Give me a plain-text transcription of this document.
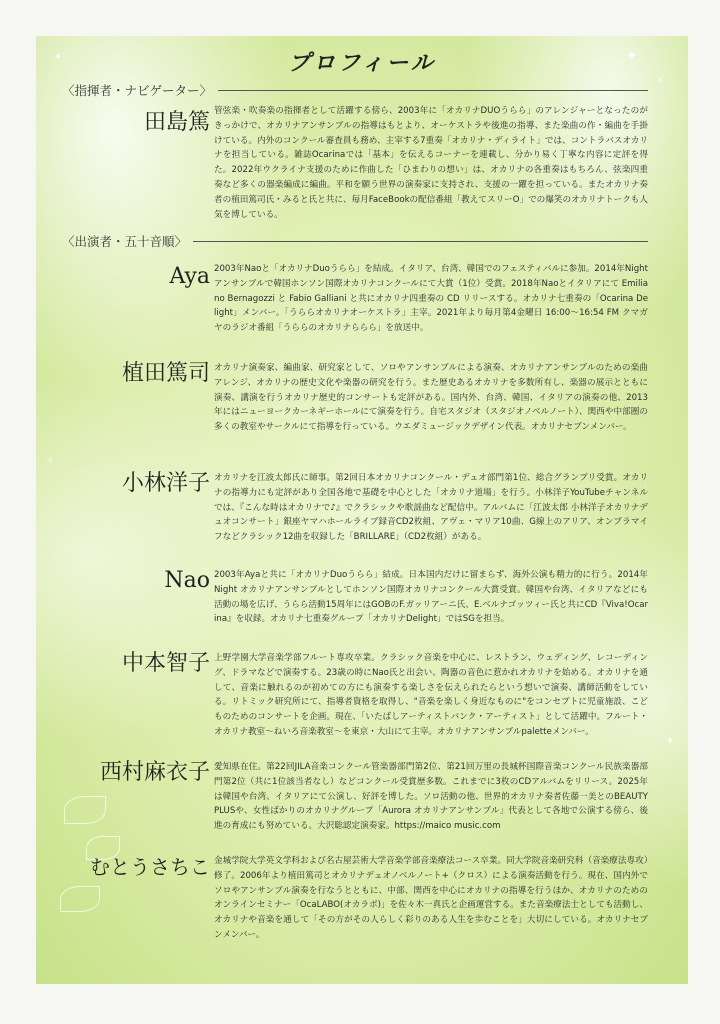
✦	✦
✧
✧
✦
プロフィール
〈指揮者・ナビゲーター〉
田島篤 管弦楽・吹奏楽の指揮者として活躍する傍ら、2003年に「オカリナDUOうらら」のアレンジャーとなったのがきっかけで、オカリナアンサンブルの指導はもとより、オーケストラや後進の指導、また楽曲の作・編曲を手掛けている。内外のコンクール審査員も務め、主宰する7重奏「オカリナ・ディライト」では、コントラバスオカリナを担当している。雑誌Ocarinaでは「基本」を伝えるコーナーを連載し、分かり易く丁寧な内容に定評を得た。2022年ウクライナ支援のために作曲した「ひまわりの想い」は、オカリナの各重奏はもちろん、弦楽四重奏など多くの器楽編成に編曲。平和を願う世界の演奏家に支持され、支援の一躍を担っている。またオカリナ奏者の植田篤司氏・みると氏と共に、毎月FaceBookの配信番組「教えてスリーO」での爆笑のオカリナトークも人気を博している。
〈出演者・五十音順〉
Aya 2003年Naoと「オカリナDuoうらら」を結成。イタリア、台湾、韓国でのフェスティバルに参加。2014年Nightアンサンブルで韓国ホンソン国際オカリナコンクールにて大賞（1位）受賞。2018年Naoとイタリアにて Emiliano Bernagozzi と Fabio Galliani と共にオカリナ四重奏の CD リリースする。オカリナ七重奏の「Ocarina Delight」メンバー。「うららオカリナオーケストラ」主宰。2021年より毎月第4金曜日 16:00〜16:54 FM クマガヤのラジオ番組「うららのオカリナららら」を放送中。
植田篤司 オカリナ演奏家、編曲家、研究家として、ソロやアンサンブルによる演奏、オカリナアンサンブルのための楽曲アレンジ、オカリナの歴史文化や楽器の研究を行う。また歴史あるオカリナを多数所有し、楽器の展示とともに演奏、講演を行うオカリナ歴史的コンサートも定評がある。国内外、台湾、韓国、イタリアの演奏の他、2013 年にはニューヨークカーネギーホールにて演奏を行う。自宅スタジオ（スタジオノベルノート）、関西や中部圏の多くの教室やサークルにて指導を行っている。ウエダミュージックデザイン代表。オカリナセブンメンバー。
小林洋子 オカリナを江波太郎氏に師事。第2回日本オカリナコンクール・デュオ部門第1位、総合グランプリ受賞。オカリナの指導力にも定評があり全国各地で基礎を中心とした「オカリナ道場」を行う。小林洋子YouTubeチャンネルでは、『こんな時はオカリナで♪』でクラシックや歌謡曲など配信中。アルバムに「江波太郎 小林洋子オカリナデュオコンサート」銀座ヤマハホールライブ録音CD2枚組、アヴェ・マリア10曲、G線上のアリア、オンブラマイフなどクラシック12曲を収録した「BRILLARE」（CD2枚組）がある。
Nao 2003年Ayaと共に「オカリナDuoうらら」結成。日本国内だけに留まらず、海外公演も精力的に行う。2014年Night オカリナアンサンブルとしてホンソン国際オカリナコンクール大賞受賞。韓国や台湾、イタリアなどにも活動の場を広げ、うらら活動15周年にはGOBのF.ガッリアーニ氏、E.ベルナゴッツィー氏と共にCD『Viva!Ocarina』を収録。オカリナ七重奏グループ「オカリナDelight」ではSGを担当。
中本智子 上野学園大学音楽学部フルート専攻卒業。クラシック音楽を中心に、レストラン、ウェディング、レコーディング、ドラマなどで演奏する。23歳の時にNao氏と出会い、陶器の音色に惹かれオカリナを始める。オカリナを通して、音楽に触れるのが初めての方にも演奏する楽しさを伝えられたらという想いで演奏、講師活動をしている。リトミック研究所にて、指導者資格を取得し、"音楽を楽しく身近なものに"をコンセプトに児童施設、こどものためのコンサートを企画。現在、「いたばしアーティストバンク・アーティスト」として活躍中。フルート・オカリナ教室〜ねいろ音楽教室〜を東京・大山にて主宰。オカリナアンサンブルpaletteメンバー。
西村麻衣子 愛知県在住。第22回JILA音楽コンクール管楽器部門第2位、第21回万里の長城杯国際音楽コンクール民族楽器部門第2位（共に1位該当者なし）などコンクール受賞歴多数。これまでに3枚のCDアルバムをリリース。2025年は韓国や台湾、イタリアにて公演し、好評を博した。ソロ活動の他、世界的オカリナ奏者佐藤一美とのBEAUTY PLUSや、女性ばかりのオカリナグループ「Aurora オカリナアンサンブル」代表として各地で公演する傍ら、後進の育成にも努めている。大沢聡認定演奏家。https://maico music.com
むとうさちこ 金城学院大学英文学科および名古屋芸術大学音楽学部音楽療法コース卒業。同大学院音楽研究科（音楽療法専攻）修了。2006年より植田篤司とオカリナデュオノベルノート+（クロス）による演奏活動を行う。現在、国内外でソロやアンサンブル演奏を行なうとともに、中部、関西を中心にオカリナの指導を行うほか、オカリナのためのオンラインセミナー「OcaLABO(オカラボ)」を佐々木一真氏と企画運営する。また音楽療法士としても活動し、オカリナや音楽を通して「その方がその人らしく彩りのある人生を歩むことを」大切にしている。オカリナセブンメンバー。
